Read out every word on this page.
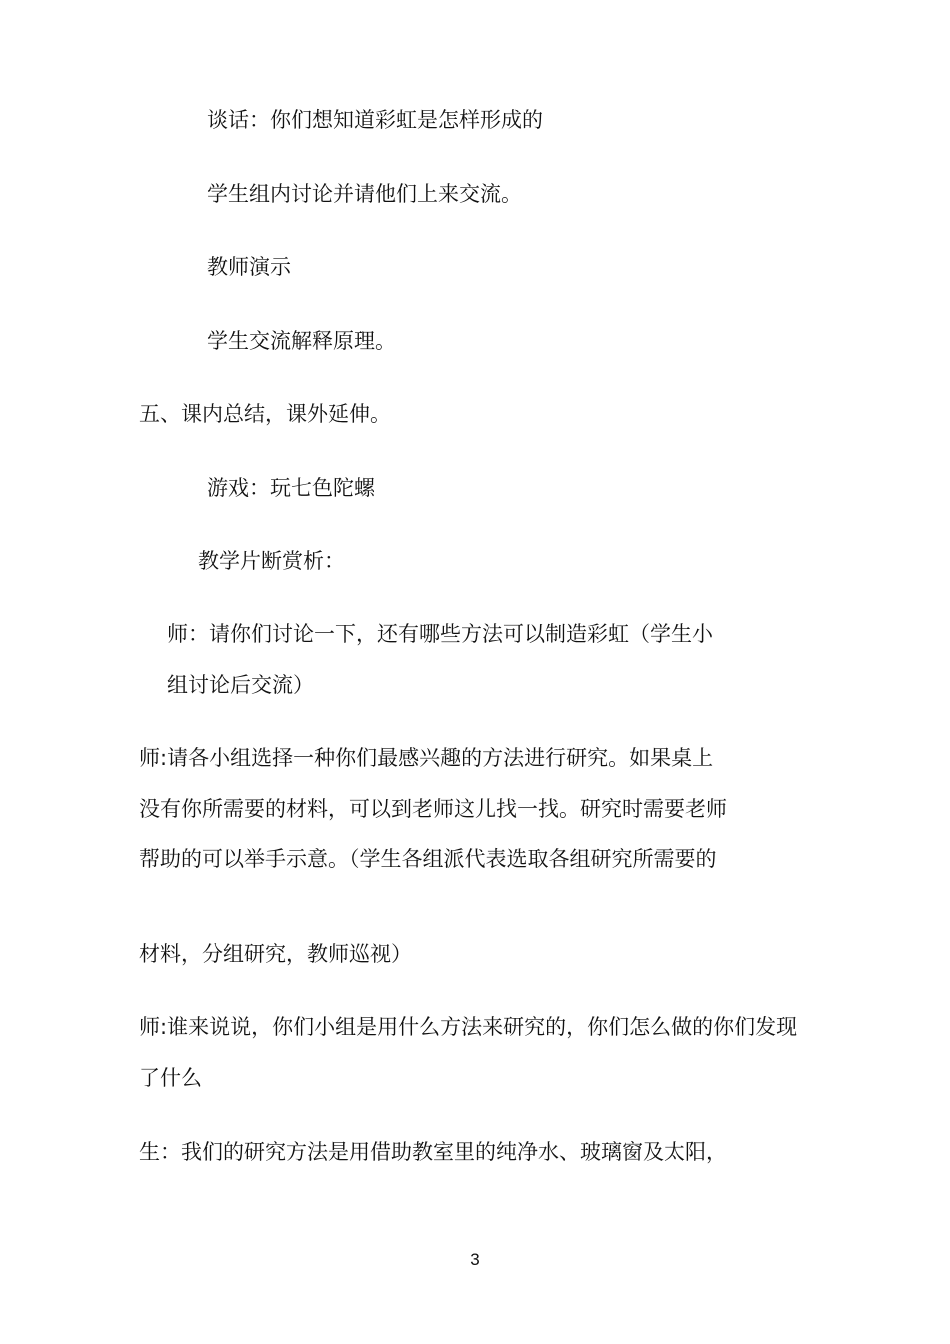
谈话：你们想知道彩虹是怎样形成的
学生组内讨论并请他们上来交流。
教师演示
学生交流解释原理。
五、课内总结，课外延伸。
游戏：玩七色陀螺
教学片断赏析：
师：请你们讨论一下，还有哪些方法可以制造彩虹（学生小
组讨论后交流）
师:请各小组选择一种你们最感兴趣的方法进行研究。如果桌上
没有你所需要的材料，可以到老师这儿找一找。研究时需要老师
帮助的可以举手示意。（学生各组派代表选取各组研究所需要的
材料，分组研究，教师巡视）
师:谁来说说，你们小组是用什么方法来研究的，你们怎么做的你们发现
了什么
生：我们的研究方法是用借助教室里的纯净水、玻璃窗及太阳，
3
